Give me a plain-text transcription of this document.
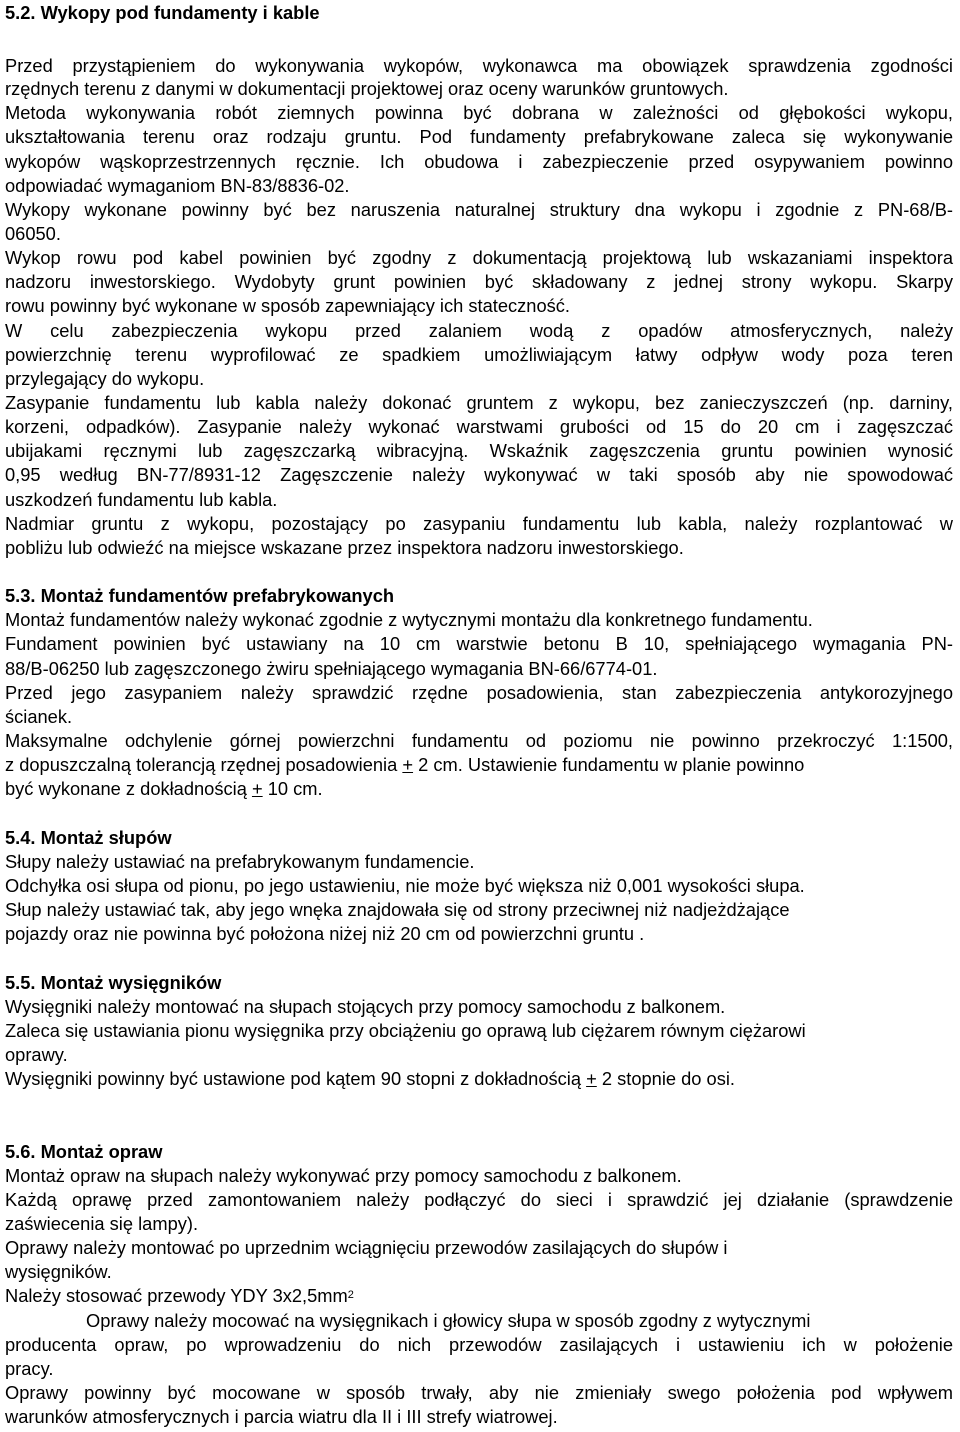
5.2. Wykopy pod fundamenty i kable
Przed przystąpieniem do wykonywania wykopów, wykonawca ma obowiązek sprawdzenia zgodności
rzędnych terenu z danymi w dokumentacji projektowej oraz oceny warunków gruntowych.
Metoda wykonywania robót ziemnych powinna być dobrana w zależności od głębokości wykopu,
ukształtowania terenu oraz rodzaju gruntu. Pod fundamenty prefabrykowane zaleca się wykonywanie
wykopów wąskoprzestrzennych ręcznie. Ich obudowa i zabezpieczenie przed osypywaniem powinno
odpowiadać wymaganiom BN-83/8836-02.
Wykopy wykonane powinny być bez naruszenia naturalnej struktury dna wykopu i zgodnie z PN-68/B-
06050.
Wykop rowu pod kabel powinien być zgodny z dokumentacją projektową lub wskazaniami inspektora
nadzoru inwestorskiego. Wydobyty grunt powinien być składowany z jednej strony wykopu. Skarpy
rowu powinny być wykonane w sposób zapewniający ich stateczność.
W celu zabezpieczenia wykopu przed zalaniem wodą z opadów atmosferycznych, należy
powierzchnię terenu wyprofilować ze spadkiem umożliwiającym łatwy odpływ wody poza teren
przylegający do wykopu.
Zasypanie fundamentu lub kabla należy dokonać gruntem z wykopu, bez zanieczyszczeń (np. darniny,
korzeni, odpadków). Zasypanie należy wykonać warstwami grubości od 15 do 20 cm i zagęszczać
ubijakami ręcznymi lub zagęszczarką wibracyjną. Wskaźnik zagęszczenia gruntu powinien wynosić
0,95 według BN-77/8931-12 Zagęszczenie należy wykonywać w taki sposób aby nie spowodować
uszkodzeń fundamentu lub kabla.
Nadmiar gruntu z wykopu, pozostający po zasypaniu fundamentu lub kabla, należy rozplantować w
pobliżu lub odwieźć na miejsce wskazane przez inspektora nadzoru inwestorskiego.
5.3. Montaż fundamentów prefabrykowanych
Montaż fundamentów należy wykonać zgodnie z wytycznymi montażu dla konkretnego fundamentu.
Fundament powinien być ustawiany na 10 cm warstwie betonu B 10, spełniającego wymagania PN-
88/B-06250 lub zagęszczonego żwiru spełniającego wymagania BN-66/6774-01.
Przed jego zasypaniem należy sprawdzić rzędne posadowienia, stan zabezpieczenia antykorozyjnego
ścianek.
Maksymalne odchylenie górnej powierzchni fundamentu od poziomu nie powinno przekroczyć 1:1500,
z dopuszczalną tolerancją rzędnej posadowienia + 2 cm. Ustawienie fundamentu w planie powinno
być wykonane z dokładnością + 10 cm.
5.4. Montaż słupów
Słupy należy ustawiać na prefabrykowanym fundamencie.
Odchyłka osi słupa od pionu, po jego ustawieniu, nie może być większa niż 0,001 wysokości słupa.
Słup należy ustawiać tak, aby jego wnęka znajdowała się od strony przeciwnej niż nadjeżdżające
pojazdy oraz nie powinna być położona niżej niż 20 cm od powierzchni gruntu .
5.5. Montaż wysięgników
Wysięgniki należy montować na słupach stojących przy pomocy samochodu z balkonem.
Zaleca się ustawiania pionu wysięgnika przy obciążeniu go oprawą lub ciężarem równym ciężarowi
oprawy.
Wysięgniki powinny być ustawione pod kątem 90 stopni z dokładnością + 2 stopnie do osi.
5.6. Montaż opraw
Montaż opraw na słupach należy wykonywać przy pomocy samochodu z balkonem.
Każdą oprawę przed zamontowaniem należy podłączyć do sieci i sprawdzić jej działanie (sprawdzenie
zaświecenia się lampy).
Oprawy należy montować po uprzednim wciągnięciu przewodów zasilających do słupów i
wysięgników.
Należy stosować przewody YDY $3x2,5mm^2$
Oprawy należy mocować na wysięgnikach i głowicy słupa w sposób zgodny z wytycznymi
producenta opraw, po wprowadzeniu do nich przewodów zasilających i ustawieniu ich w położenie
pracy.
Oprawy powinny być mocowane w sposób trwały, aby nie zmieniały swego położenia pod wpływem
warunków atmosferycznych i parcia wiatru dla II i III strefy wiatrowej.
